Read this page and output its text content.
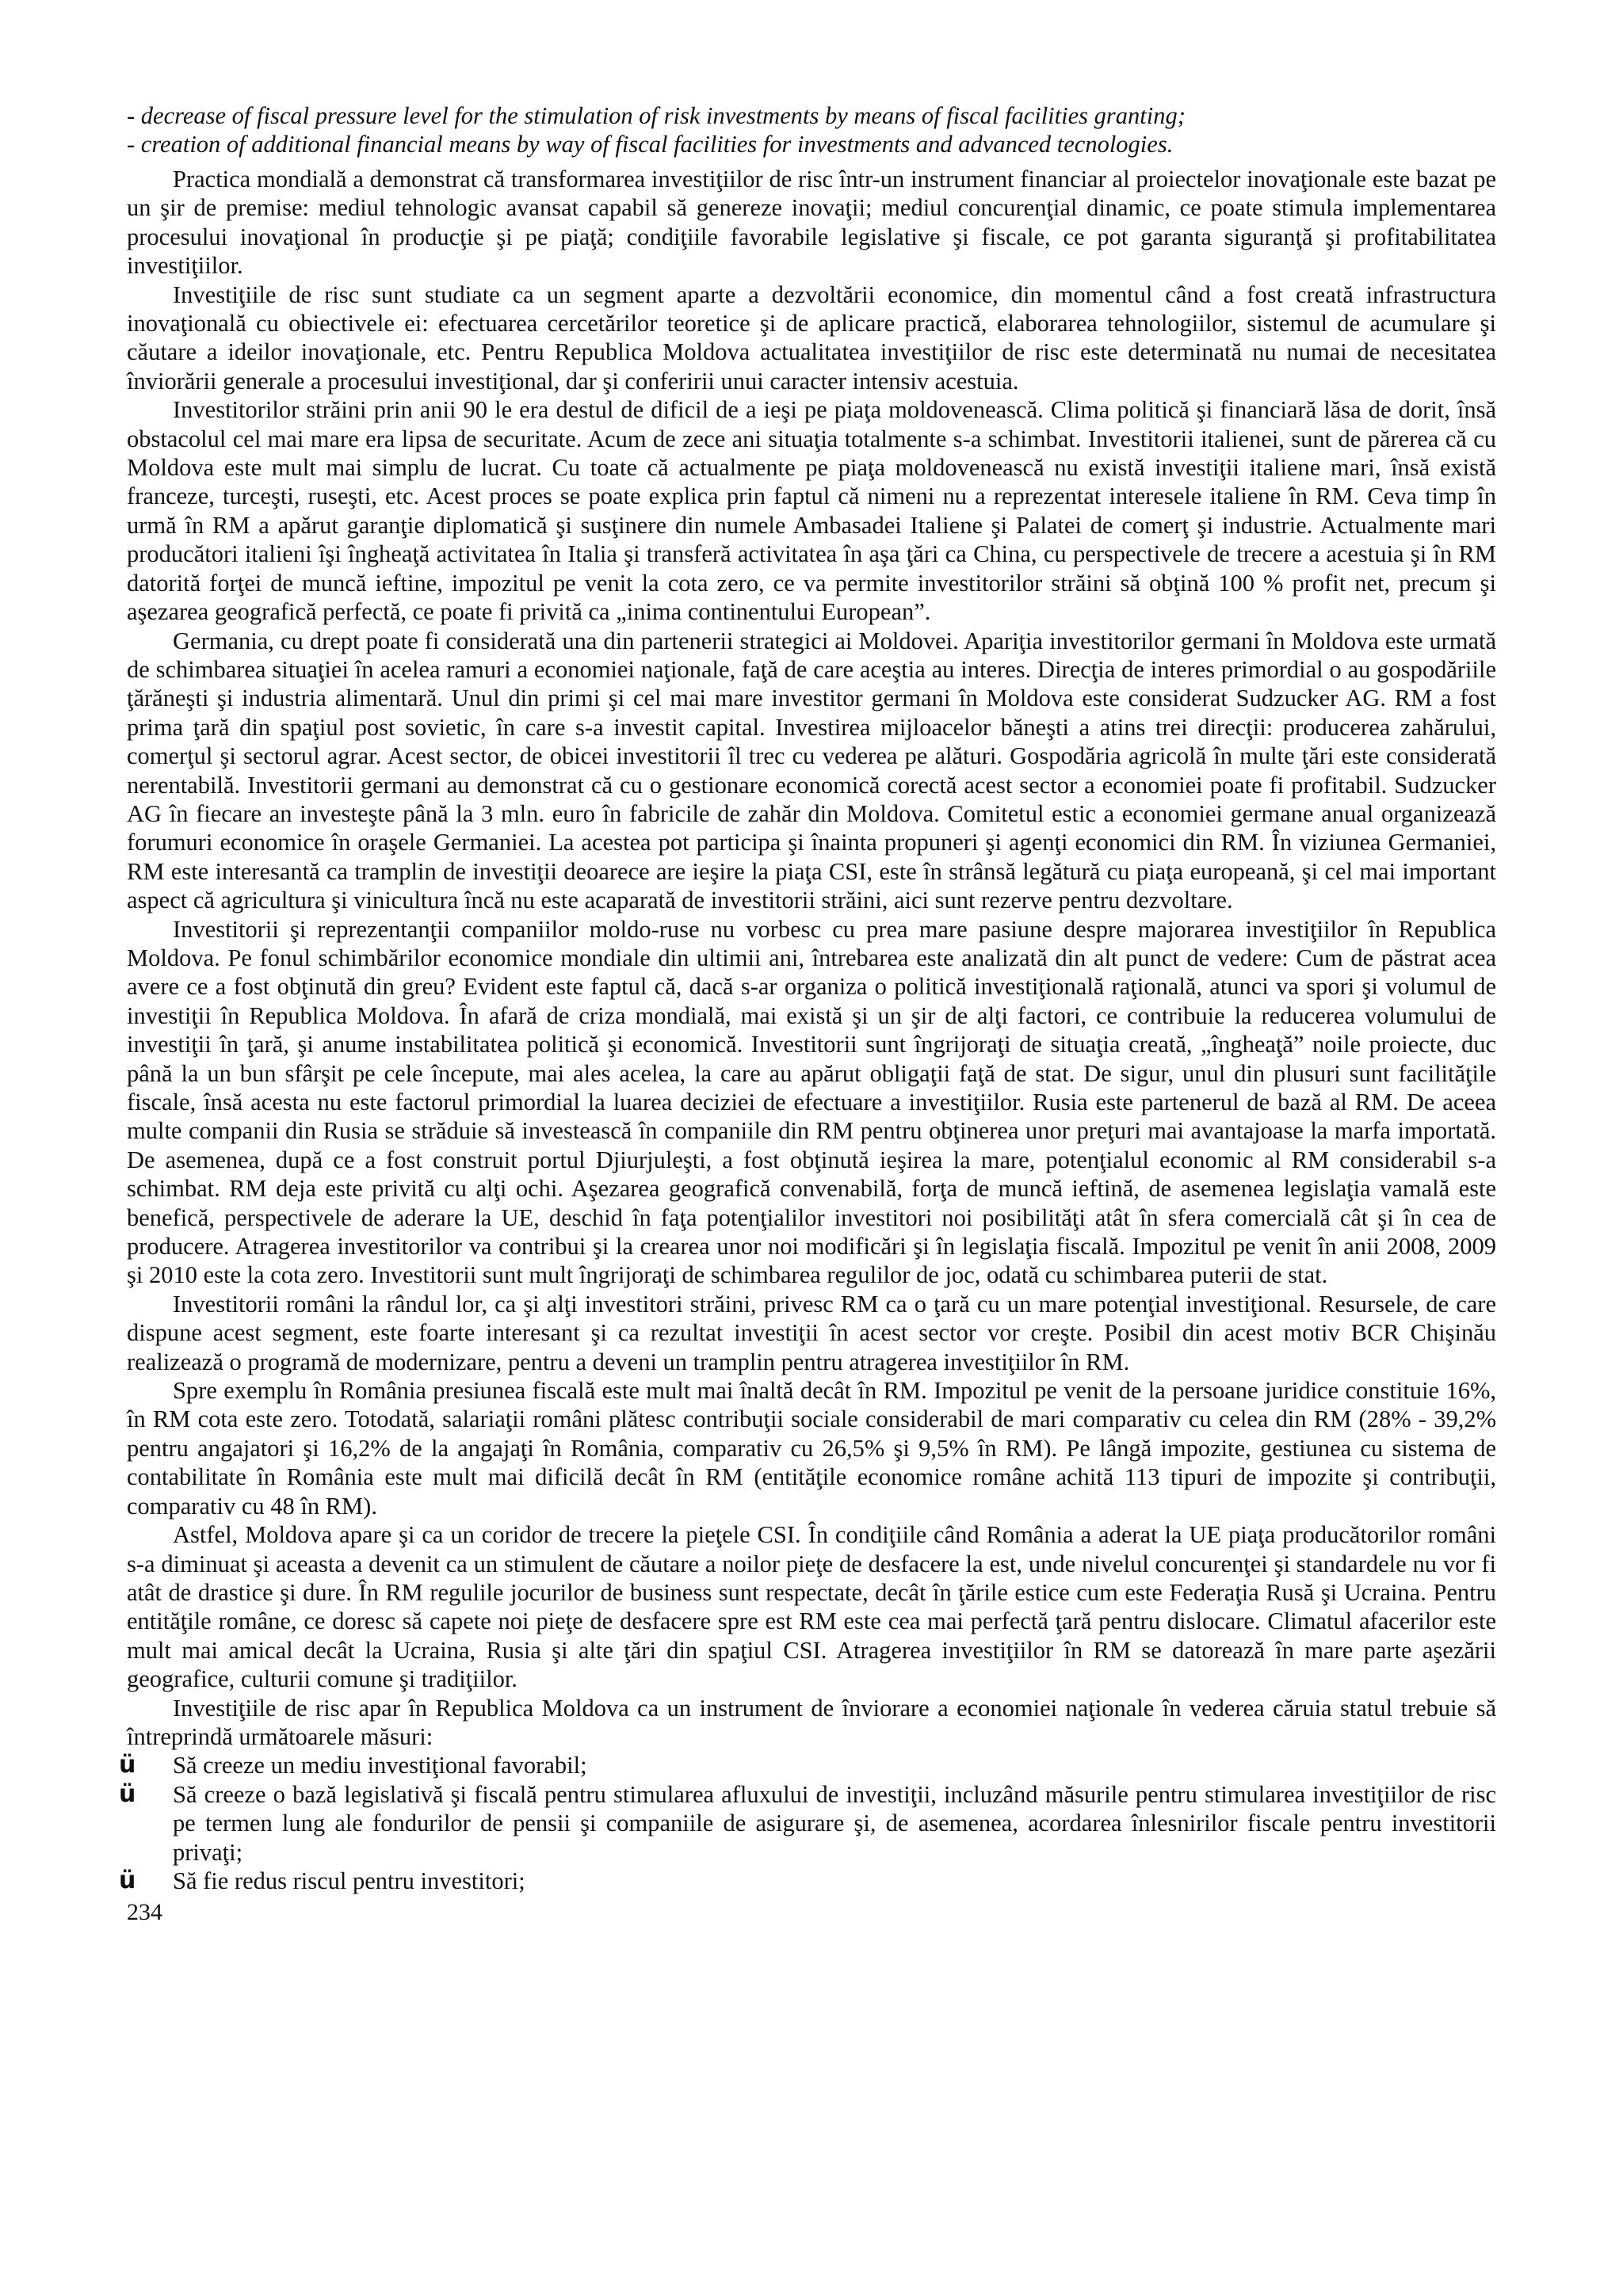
- decrease of fiscal pressure level for the stimulation of risk investments by means of fiscal facilities granting;

- creation of additional financial means by way of fiscal facilities for investments and advanced tecnologies.

Practica mondială a demonstrat că transformarea investiţiilor de risc într-un instrument financiar al proiectelor inovaţionale este bazat pe un şir de premise: mediul tehnologic avansat capabil să genereze inovaţii; mediul concurenţial dinamic, ce poate stimula implementarea procesului inovaţional în producţie şi pe piaţă; condiţiile favorabile legislative şi fiscale, ce pot garanta siguranţă şi profitabilitatea investiţiilor.

Investiţiile de risc sunt studiate ca un segment aparte a dezvoltării economice, din momentul când a fost creată infrastructura inovaţională cu obiectivele ei: efectuarea cercetărilor teoretice şi de aplicare practică, elaborarea tehnologiilor, sistemul de acumulare şi căutare a ideilor inovaţionale, etc. Pentru Republica Moldova actualitatea investiţiilor de risc este determinată nu numai de necesitatea înviorării generale a procesului investiţional, dar şi conferirii unui caracter intensiv acestuia.

Investitorilor străini prin anii 90 le era destul de dificil de a ieşi pe piaţa moldovenească. Clima politică şi financiară lăsa de dorit, însă obstacolul cel mai mare era lipsa de securitate. Acum de zece ani situaţia totalmente s-a schimbat. Investitorii italienei, sunt de părerea că cu Moldova este mult mai simplu de lucrat. Cu toate că actualmente pe piaţa moldovenească nu există investiţii italiene mari, însă există franceze, turceşti, ruseşti, etc. Acest proces se poate explica prin faptul că nimeni nu a reprezentat interesele italiene în RM. Ceva timp în urmă în RM a apărut garanţie diplomatică şi susţinere din numele Ambasadei Italiene şi Palatei de comerţ şi industrie. Actualmente mari producători italieni îşi îngheaţă activitatea în Italia şi transferă activitatea în aşa ţări ca China, cu perspectivele de trecere a acestuia şi în RM datorită forţei de muncă ieftine, impozitul pe venit la cota zero, ce va permite investitorilor străini să obţină 100 % profit net, precum şi aşezarea geografică perfectă, ce poate fi privită ca „inima continentului European”.

Germania, cu drept poate fi considerată una din partenerii strategici ai Moldovei. Apariţia investitorilor germani în Moldova este urmată de schimbarea situaţiei în acelea ramuri a economiei naţionale, faţă de care aceştia au interes. Direcţia de interes primordial o au gospodăriile ţărăneşti şi industria alimentară. Unul din primi şi cel mai mare investitor germani în Moldova este considerat Sudzucker AG. RM a fost prima ţară din spaţiul post sovietic, în care s-a investit capital. Investirea mijloacelor băneşti a atins trei direcţii: producerea zahărului, comerţul şi sectorul agrar. Acest sector, de obicei investitorii îl trec cu vederea pe alături. Gospodăria agricolă în multe ţări este considerată nerentabilă. Investitorii germani au demonstrat că cu o gestionare economică corectă acest sector a economiei poate fi profitabil. Sudzucker AG în fiecare an investeşte până la 3 mln. euro în fabricile de zahăr din Moldova. Comitetul estic a economiei germane anual organizează forumuri economice în oraşele Germaniei. La acestea pot participa şi înainta propuneri şi agenţi economici din RM. În viziunea Germaniei, RM este interesantă ca tramplin de investiţii deoarece are ieşire la piaţa CSI, este în strânsă legătură cu piaţa europeană, şi cel mai important aspect că agricultura şi vinicultura încă nu este acaparată de investitorii străini, aici sunt rezerve pentru dezvoltare.

Investitorii şi reprezentanţii companiilor moldo-ruse nu vorbesc cu prea mare pasiune despre majorarea investiţiilor în Republica Moldova. Pe fonul schimbărilor economice mondiale din ultimii ani, întrebarea este analizată din alt punct de vedere: Cum de păstrat acea avere ce a fost obţinută din greu? Evident este faptul că, dacă s-ar organiza o politică investiţională raţională, atunci va spori şi volumul de investiţii în Republica Moldova. În afară de criza mondială, mai există şi un şir de alţi factori, ce contribuie la reducerea volumului de investiţii în ţară, şi anume instabilitatea politică şi economică. Investitorii sunt îngrijoraţi de situaţia creată, „îngheaţă” noile proiecte, duc până la un bun sfârşit pe cele începute, mai ales acelea, la care au apărut obligaţii faţă de stat. De sigur, unul din plusuri sunt facilităţile fiscale, însă acesta nu este factorul primordial la luarea deciziei de efectuare a investiţiilor. Rusia este partenerul de bază al RM. De aceea multe companii din Rusia se străduie să investească în companiile din RM pentru obţinerea unor preţuri mai avantajoase la marfa importată. De asemenea, după ce a fost construit portul Djiurjuleşti, a fost obţinută ieşirea la mare, potenţialul economic al RM considerabil s-a schimbat. RM deja este privită cu alţi ochi. Aşezarea geografică convenabilă, forţa de muncă ieftină, de asemenea legislaţia vamală este benefică, perspectivele de aderare la UE, deschid în faţa potenţialilor investitori noi posibilităţi atât în sfera comercială cât şi în cea de producere. Atragerea investitorilor va contribui şi la crearea unor noi modificări şi în legislaţia fiscală. Impozitul pe venit în anii 2008, 2009 şi 2010 este la cota zero. Investitorii sunt mult îngrijoraţi de schimbarea regulilor de joc, odată cu schimbarea puterii de stat.

Investitorii români la rândul lor, ca şi alţi investitori străini, privesc RM ca o ţară cu un mare potenţial investiţional. Resursele, de care dispune acest segment, este foarte interesant şi ca rezultat investiţii în acest sector vor creşte. Posibil din acest motiv BCR Chişinău realizează o programă de modernizare, pentru a deveni un tramplin pentru atragerea investiţiilor în RM.

Spre exemplu în România presiunea fiscală este mult mai înaltă decât în RM. Impozitul pe venit de la persoane juridice constituie 16%, în RM cota este zero. Totodată, salariaţii români plătesc contribuţii sociale considerabil de mari comparativ cu celea din RM (28% - 39,2% pentru angajatori şi 16,2% de la angajaţi în România, comparativ cu 26,5% şi 9,5% în RM). Pe lângă impozite, gestiunea cu sistema de contabilitate în România este mult mai dificilă decât în RM (entităţile economice române achită 113 tipuri de impozite şi contribuţii, comparativ cu 48 în RM).

Astfel, Moldova apare şi ca un coridor de trecere la pieţele CSI. În condiţiile când România a aderat la UE piaţa producătorilor români s-a diminuat şi aceasta a devenit ca un stimulent de căutare a noilor pieţe de desfacere la est, unde nivelul concurenţei şi standardele nu vor fi atât de drastice şi dure. În RM regulile jocurilor de business sunt respectate, decât în ţările estice cum este Federaţia Rusă şi Ucraina. Pentru entităţile române, ce doresc să capete noi pieţe de desfacere spre est RM este cea mai perfectă ţară pentru dislocare. Climatul afacerilor este mult mai amical decât la Ucraina, Rusia şi alte ţări din spaţiul CSI. Atragerea investiţiilor în RM se datorează în mare parte aşezării geografice, culturii comune şi tradiţiilor.

Investiţiile de risc apar în Republica Moldova ca un instrument de înviorare a economiei naţionale în vederea căruia statul trebuie să întreprindă următoarele măsuri:

ü Să creeze un mediu investiţional favorabil;
ü Să creeze o bază legislativă şi fiscală pentru stimularea afluxului de investiţii, incluzând măsurile pentru stimularea investiţiilor de risc pe termen lung ale fondurilor de pensii şi companiile de asigurare şi, de asemenea, acordarea înlesnirilor fiscale pentru investitorii privaţi;
ü Să fie redus riscul pentru investitori;
234
